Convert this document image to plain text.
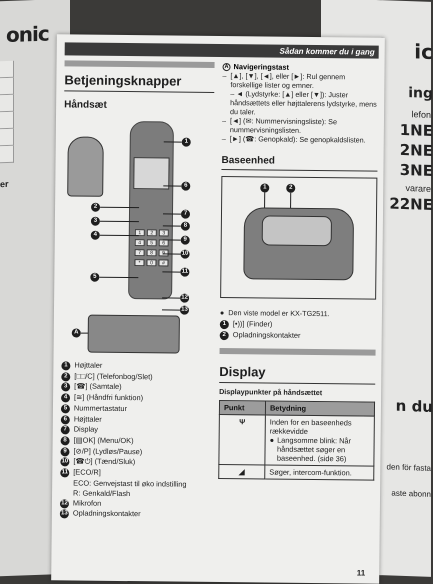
onic
er
ic
ing
lefon
1NE
2NE
3NE
varare
22NE
n du
den för fasta
aste abonn
Sådan kommer du i gang
Betjeningsknapper
Håndsæt
1	2	3
4	5	6
7	8
*	0	#
1
2
3
4
5
6
7
8
9
10
11
12
13
A
1 Højttaler
2 [□□/C] (Telefonbog/Slet)
3 [☎] (Samtale)
4 [≅] (Håndfri funktion)
5 Nummertastatur
6 Højttaler
7 Display
8 [▤OK] (Menu/OK)
9 [⊘/P] (Lydløs/Pause)
10 [☎⏻] (Tænd/Sluk)
11 [ECO/R]
ECO: Genvejstast til øko indstilling
R: Genkald/Flash
12 Mikrofon
13 Opladningskontakter
A Navigeringstast
– [▲], [▼], [◄], eller [►]: Rul gennem forskellige lister og emner.
– ◄ (Lydstyrke: [▲] eller [▼]): Juster håndsættets eller højttalerens lydstyrke, mens du taler.
– [◄] (✉: Nummervisningsliste): Se nummervisningslisten.
– [►] (☎: Genopkald): Se genopkaldslisten.
Baseenhed
1	2
● Den viste model er KX-TG2511.
1 [•))] (Finder)
2 Opladningskontakter
Display
Displaypunkter på håndsættet
Punkt	Betydning
Ψ	Inden for en baseenheds rækkevidde
● Langsomme blink: Når håndsættet søger en baseenhed. (side 36)

◢	Søger, intercom-funktion.
11
